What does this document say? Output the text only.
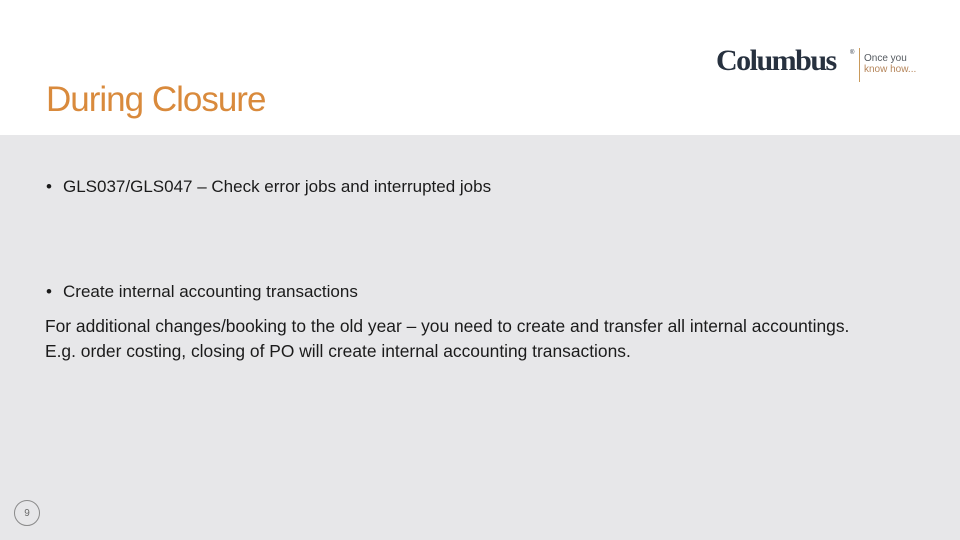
During Closure
Columbus ® Once you
know how...
• GLS037/GLS047 – Check error jobs and interrupted jobs
• Create internal accounting transactions

For additional changes/booking to the old year – you need to create and transfer all internal accountings. E.g. order costing, closing of PO will create internal accounting transactions.

9
